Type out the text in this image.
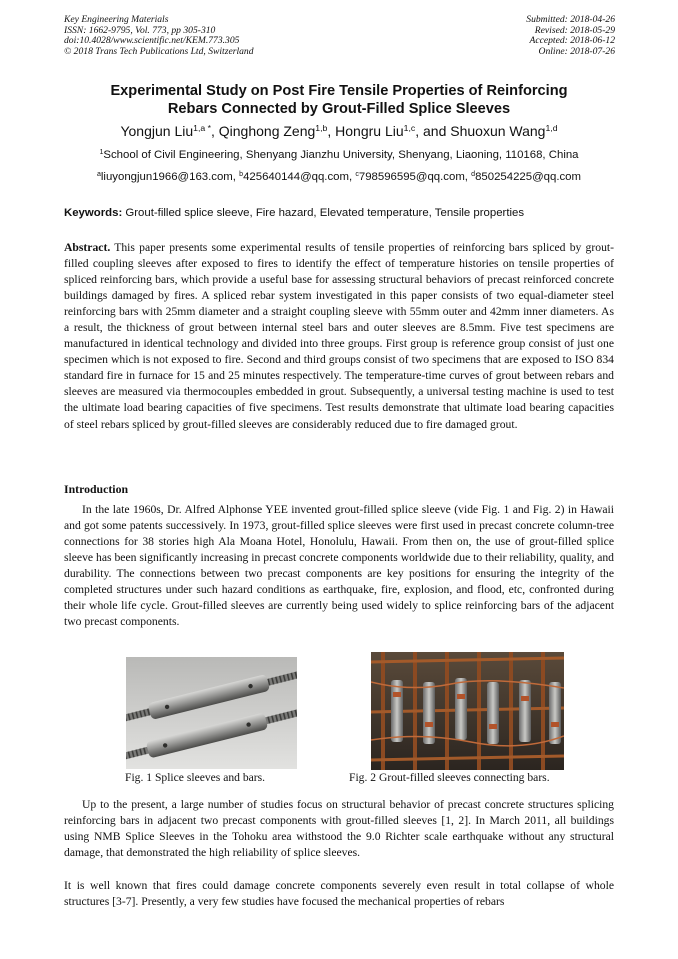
Key Engineering Materials
ISSN: 1662-9795, Vol. 773, pp 305-310
doi:10.4028/www.scientific.net/KEM.773.305
© 2018 Trans Tech Publications Ltd, Switzerland
Submitted: 2018-04-26
Revised: 2018-05-29
Accepted: 2018-06-12
Online: 2018-07-26
Experimental Study on Post Fire Tensile Properties of Reinforcing
Rebars Connected by Grout-Filled Splice Sleeves
Yongjun Liu$^{1,a *}$, Qinghong Zeng$^{1,b}$, Hongru Liu$^{1,c}$, and Shuoxun Wang$^{1,d}$
$^1$School of Civil Engineering, Shenyang Jianzhu University, Shenyang, Liaoning, 110168, China
$^a$liuyongjun1966@163.com, $^b$425640144@qq.com, $^c$798596595@qq.com, $^d$850254225@qq.com
Keywords: Grout-filled splice sleeve, Fire hazard, Elevated temperature, Tensile properties
Abstract. This paper presents some experimental results of tensile properties of reinforcing bars spliced by grout-filled coupling sleeves after exposed to fires to identify the effect of temperature histories on tensile properties of spliced reinforcing bars, which provide a useful base for assessing structural behaviors of precast reinforced concrete buildings damaged by fires. A spliced rebar system investigated in this paper consists of two equal-diameter steel reinforcing bars with 25mm diameter and a straight coupling sleeve with 55mm outer and 42mm inner diameters. As a result, the thickness of grout between internal steel bars and outer sleeves are 8.5mm. Five test specimens are manufactured in identical technology and divided into three groups. First group is reference group consist of just one specimen which is not exposed to fire. Second and third groups consist of two specimens that are exposed to ISO 834 standard fire in furnace for 15 and 25 minutes respectively. The temperature-time curves of grout between rebars and sleeves are measured via thermocouples embedded in grout. Subsequently, a universal testing machine is used to test the ultimate load bearing capacities of five specimens. Test results demonstrate that ultimate load bearing capacities of steel rebars spliced by grout-filled sleeves are considerably reduced due to fire damaged grout.
Introduction
In the late 1960s, Dr. Alfred Alphonse YEE invented grout-filled splice sleeve (vide Fig. 1 and Fig. 2) in Hawaii and got some patents successively. In 1973, grout-filled splice sleeves were first used in precast concrete column-tree connections for 38 stories high Ala Moana Hotel, Honolulu, Hawaii. From then on, the use of grout-filled splice sleeve has been significantly increasing in precast concrete components worldwide due to their reliability, quality, and durability. The connections between two precast components are key positions for ensuring the integrity of the completed structures under such hazard conditions as earthquake, fire, explosion, and flood, etc, confronted during their whole life cycle. Grout-filled sleeves are currently being used widely to splice reinforcing bars of the adjacent two precast components.
Fig. 1 Splice sleeves and bars.	Fig. 2 Grout-filled sleeves connecting bars.
Up to the present, a large number of studies focus on structural behavior of precast concrete structures splicing reinforcing bars in adjacent two precast components with grout-filled sleeves [1, 2]. In March 2011, all buildings using NMB Splice Sleeves in the Tohoku area withstood the 9.0 Richter scale earthquake without any structural damage, that demonstrated the high reliability of splice sleeves.
It is well known that fires could damage concrete components severely even result in total collapse of whole structures [3-7]. Presently, a very few studies have focused the mechanical properties of rebars
